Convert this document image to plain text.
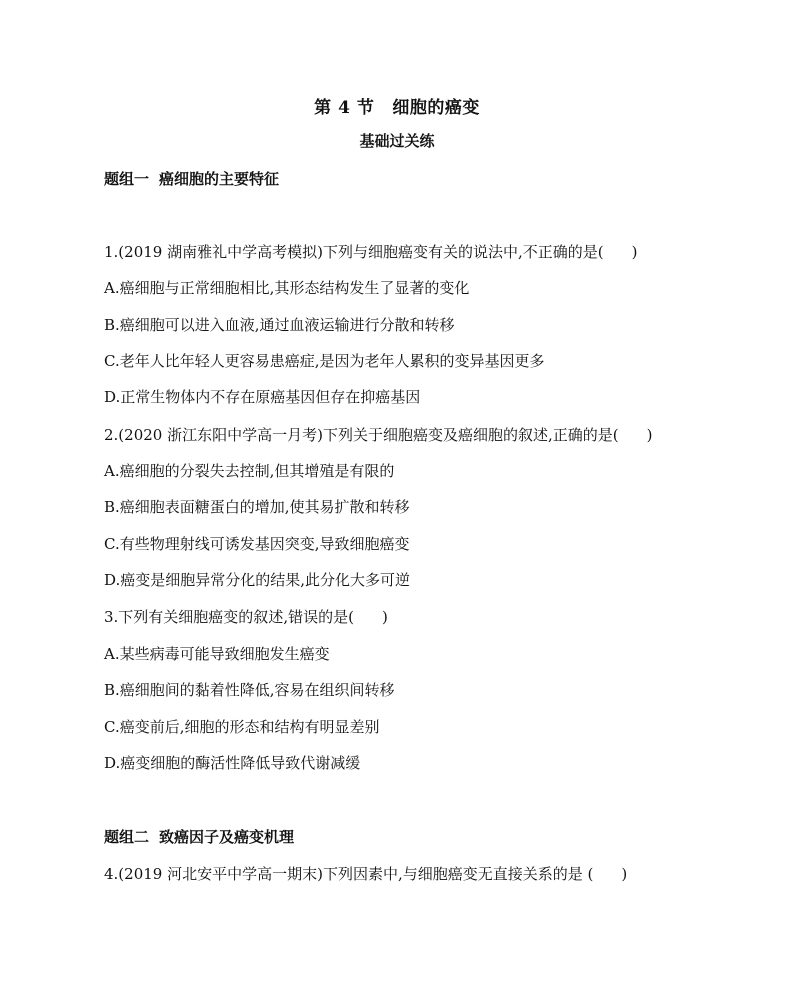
第 4 节 细胞的癌变
基础过关练
题组一 癌细胞的主要特征
1.(2019 湖南雅礼中学高考模拟)下列与细胞癌变有关的说法中,不正确的是( )
A.癌细胞与正常细胞相比,其形态结构发生了显著的变化
B.癌细胞可以进入血液,通过血液运输进行分散和转移
C.老年人比年轻人更容易患癌症,是因为老年人累积的变异基因更多
D.正常生物体内不存在原癌基因但存在抑癌基因
2.(2020 浙江东阳中学高一月考)下列关于细胞癌变及癌细胞的叙述,正确的是( )
A.癌细胞的分裂失去控制,但其增殖是有限的
B.癌细胞表面糖蛋白的增加,使其易扩散和转移
C.有些物理射线可诱发基因突变,导致细胞癌变
D.癌变是细胞异常分化的结果,此分化大多可逆
3.下列有关细胞癌变的叙述,错误的是( )
A.某些病毒可能导致细胞发生癌变
B.癌细胞间的黏着性降低,容易在组织间转移
C.癌变前后,细胞的形态和结构有明显差别
D.癌变细胞的酶活性降低导致代谢减缓
题组二 致癌因子及癌变机理
4.(2019 河北安平中学高一期末)下列因素中,与细胞癌变无直接关系的是 ( )
